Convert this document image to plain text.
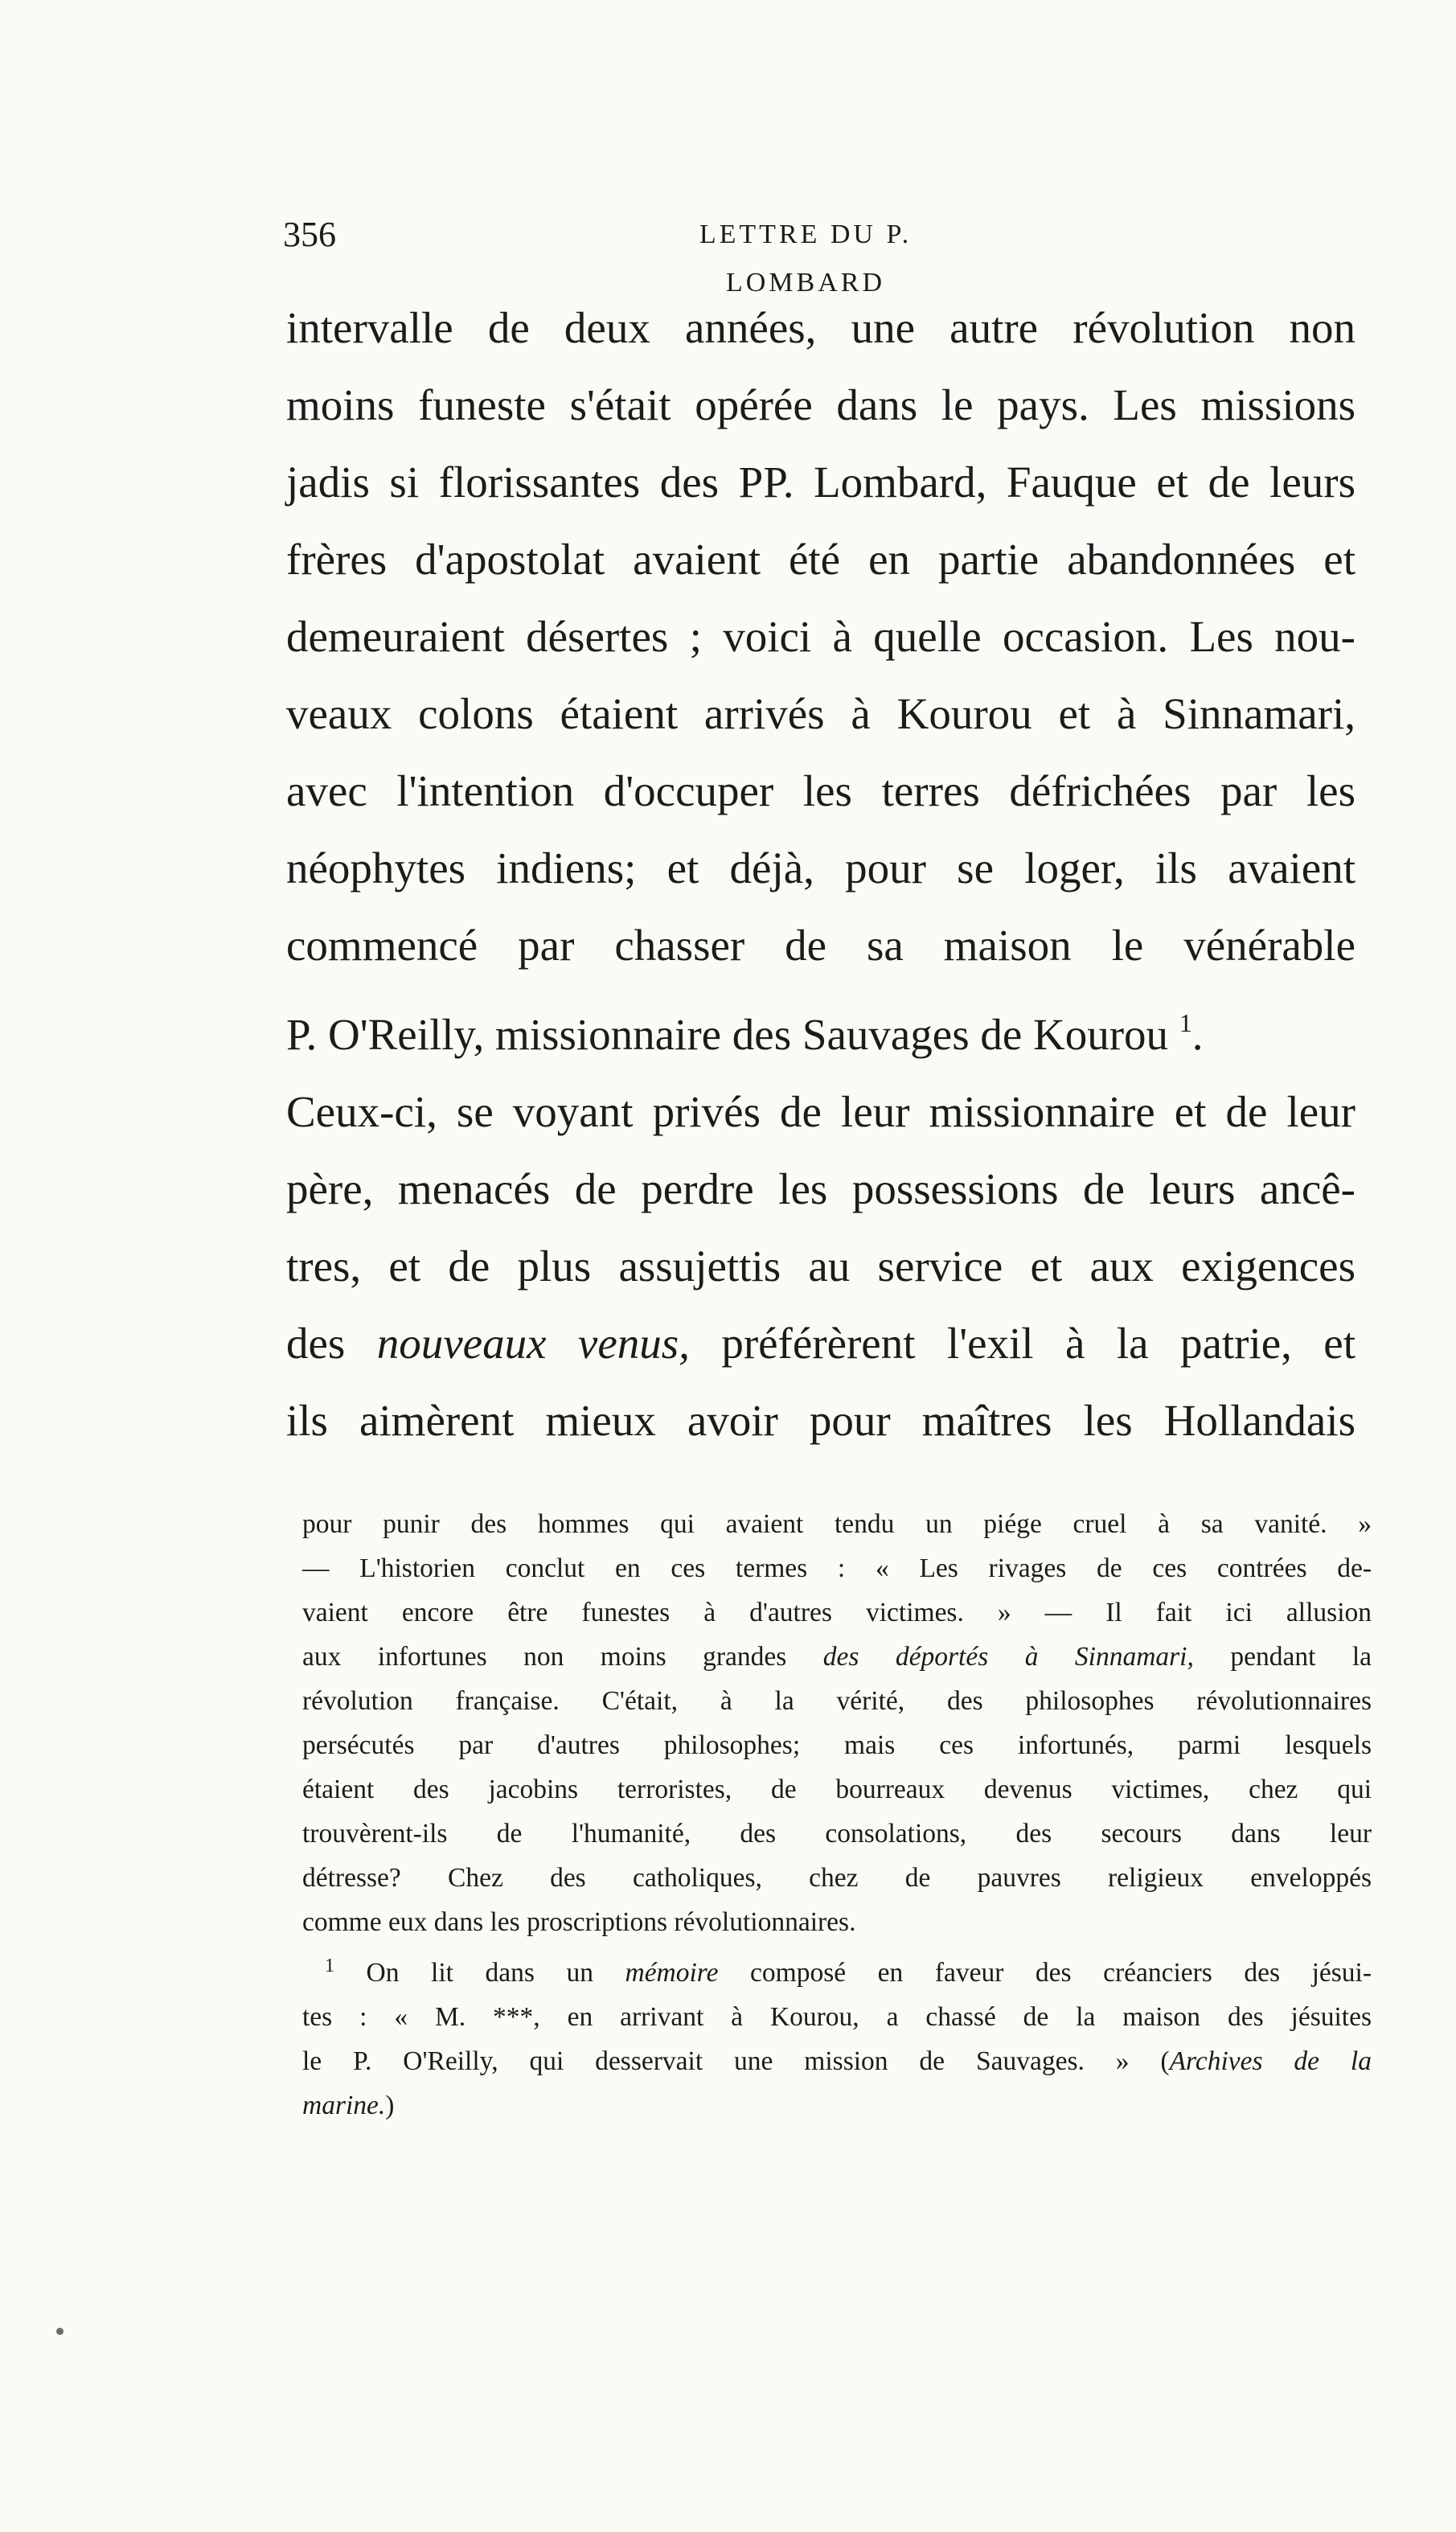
356	LETTRE DU P. LOMBARD
intervalle de deux années, une autre révolution non
moins funeste s'était opérée dans le pays. Les missions
jadis si florissantes des PP. Lombard, Fauque et de leurs
frères d'apostolat avaient été en partie abandonnées et
demeuraient désertes ; voici à quelle occasion. Les nou-
veaux colons étaient arrivés à Kourou et à Sinnamari,
avec l'intention d'occuper les terres défrichées par les
néophytes indiens; et déjà, pour se loger, ils avaient
commencé par chasser de sa maison le vénérable
P. O'Reilly, missionnaire des Sauvages de Kourou $^1$.
Ceux-ci, se voyant privés de leur missionnaire et de leur
père, menacés de perdre les possessions de leurs ancê-
tres, et de plus assujettis au service et aux exigences
des nouveaux venus, préférèrent l'exil à la patrie, et
ils aimèrent mieux avoir pour maîtres les Hollandais
pour punir des hommes qui avaient tendu un piége cruel à sa vanité. »
— L'historien conclut en ces termes : « Les rivages de ces contrées de-
vaient encore être funestes à d'autres victimes. » — Il fait ici allusion
aux infortunes non moins grandes des déportés à Sinnamari, pendant la
révolution française. C'était, à la vérité, des philosophes révolutionnaires
persécutés par d'autres philosophes; mais ces infortunés, parmi lesquels
étaient des jacobins terroristes, de bourreaux devenus victimes, chez qui
trouvèrent-ils de l'humanité, des consolations, des secours dans leur
détresse? Chez des catholiques, chez de pauvres religieux enveloppés
comme eux dans les proscriptions révolutionnaires.
$^1$ On lit dans un mémoire composé en faveur des créanciers des jésui-
tes : « M. ***, en arrivant à Kourou, a chassé de la maison des jésuites
le P. O'Reilly, qui desservait une mission de Sauvages. » (Archives de la
marine.)
